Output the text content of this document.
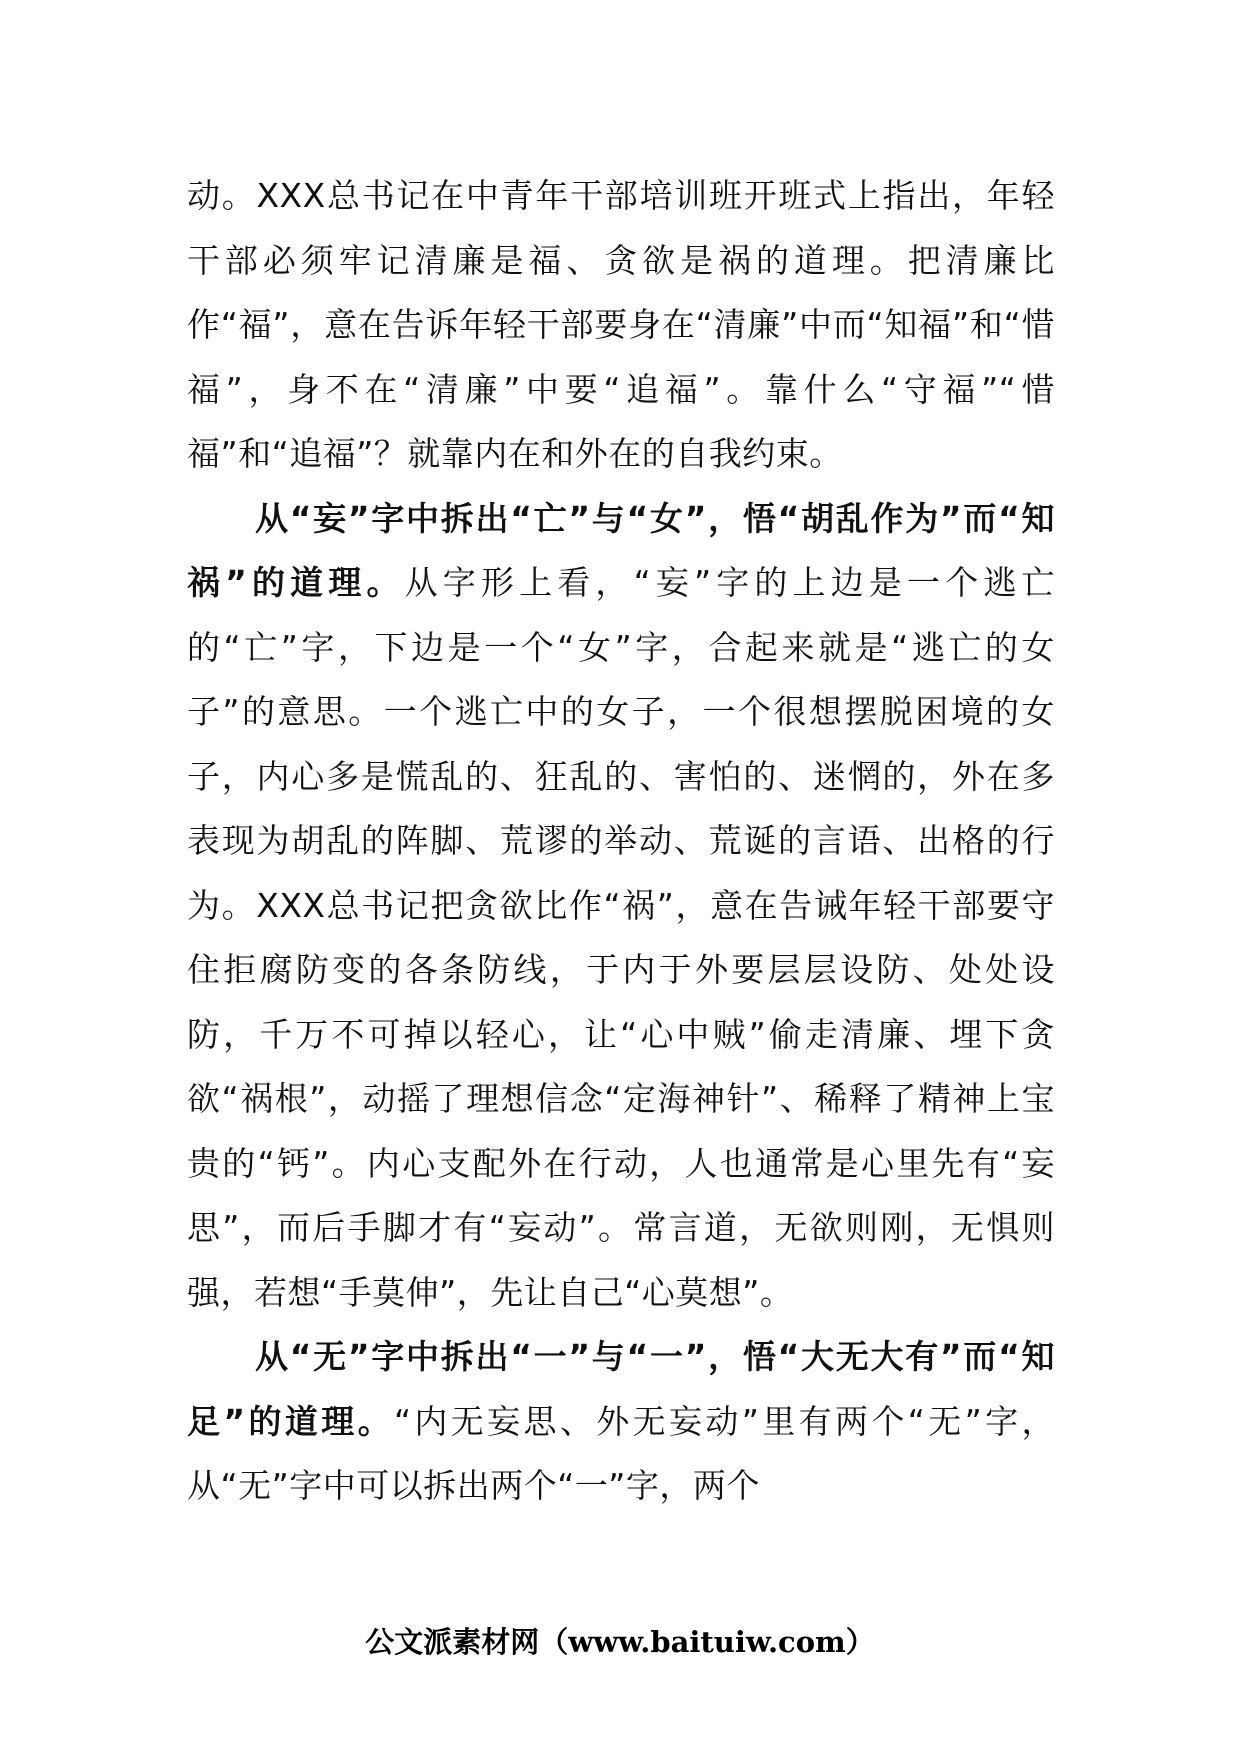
动。XXX总书记在中青年干部培训班开班式上指出，年轻干部必须牢记清廉是福、贪欲是祸的道理。把清廉比作“福”，意在告诉年轻干部要身在“清廉”中而“知福”和“惜福”，身不在“清廉”中要“追福”。靠什么“守福”“惜福”和“追福”？就靠内在和外在的自我约束。

从“妄”字中拆出“亡”与“女”，悟“胡乱作为”而“知祸”的道理。从字形上看，“妄”字的上边是一个逃亡的“亡”字，下边是一个“女”字，合起来就是“逃亡的女子”的意思。一个逃亡中的女子，一个很想摆脱困境的女子，内心多是慌乱的、狂乱的、害怕的、迷惘的，外在多表现为胡乱的阵脚、荒谬的举动、荒诞的言语、出格的行为。XXX总书记把贪欲比作“祸”，意在告诫年轻干部要守住拒腐防变的各条防线，于内于外要层层设防、处处设防，千万不可掉以轻心，让“心中贼”偷走清廉、埋下贪欲“祸根”，动摇了理想信念“定海神针”、稀释了精神上宝贵的“钙”。内心支配外在行动，人也通常是心里先有“妄思”，而后手脚才有“妄动”。常言道，无欲则刚，无惧则强，若想“手莫伸”，先让自己“心莫想”。

从“无”字中拆出“一”与“一”，悟“大无大有”而“知足”的道理。“内无妄思、外无妄动”里有两个“无”字，从“无”字中可以拆出两个“一”字，两个

公文派素材网（www.baituiw.com）
